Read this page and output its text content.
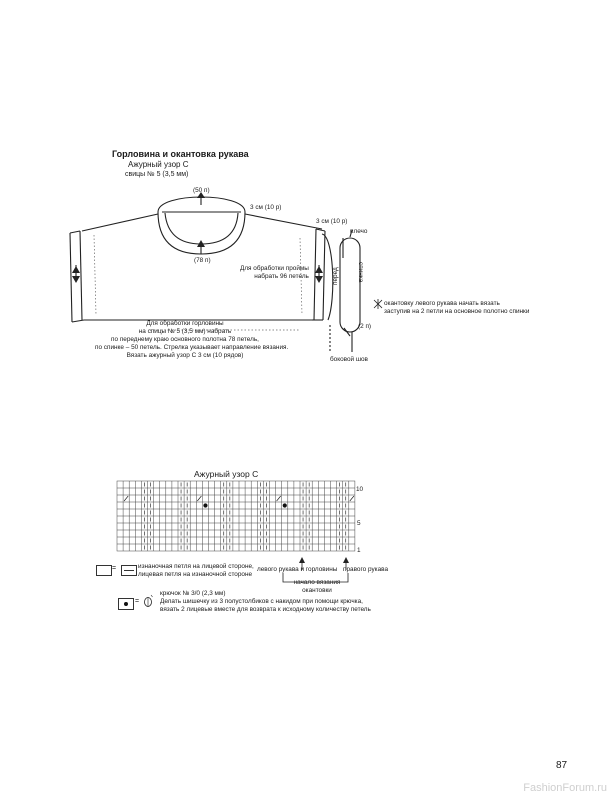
Горловина и окантовка рукава
Ажурный узор С
свицы № 5 (3,5 мм)
(50 п)
3 см (10 р)
(78 п)
3 см (10 р)
плечо
перед	спинка
Для обработки проймы
набрать 96 петель
окантовку левого рукава начать вязать
заступив на 2 петли на основное полотно спинки
(2 п)
боковой шов
Для обработки горловины
на спицы № 5 (3,5 мм) набрать
по переднему краю основного полотна 78 петель,
по спинке – 50 петель. Стрелка указывает направление вязания.
Вязать ажурный узор С 3 см (10 рядов)
Ажурный узор С
10
5
1
левого рукава и горловины правого рукава
начало вязания
окантовки
=	изнаночная петля на лицевой стороне,
лицевая петля на изнаночной стороне
=
крючок № 3/0 (2,3 мм)
Делать шишечку из 3 полустолбиков с накидом при помощи крючка,
вязать 2 лицевые вместе для возврата к исходному количеству петель
87
FashionForum.ru
